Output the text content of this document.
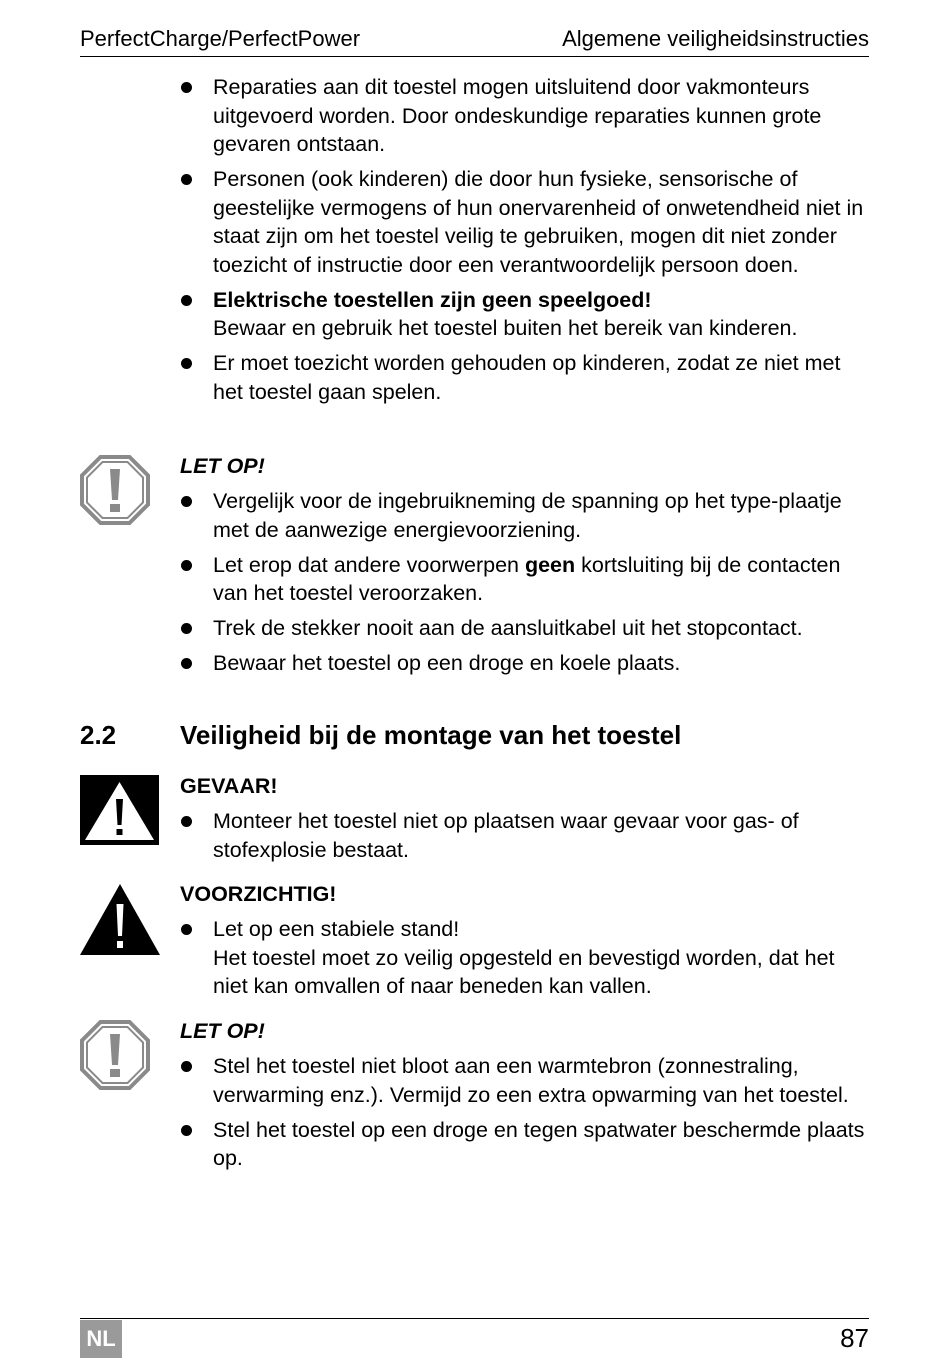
PerfectCharge/PerfectPower	Algemene veiligheidsinstructies

Reparaties aan dit toestel mogen uitsluitend door vakmonteurs uitgevoerd worden. Door ondeskundige reparaties kunnen grote gevaren ontstaan.

Personen (ook kinderen) die door hun fysieke, sensorische of geestelijke vermogens of hun onervarenheid of onwetendheid niet in staat zijn om het toestel veilig te gebruiken, mogen dit niet zonder toezicht of instructie door een verantwoordelijk persoon doen.

Elektrische toestellen zijn geen speelgoed!

Bewaar en gebruik het toestel buiten het bereik van kinderen.

Er moet toezicht worden gehouden op kinderen, zodat ze niet met het toestel gaan spelen.

LET OP!

Vergelijk voor de ingebruikneming de spanning op het type-plaatje met de aanwezige energievoorziening.

Let erop dat andere voorwerpen geen kortsluiting bij de contacten van het toestel veroorzaken.

Trek de stekker nooit aan de aansluitkabel uit het stopcontact.

Bewaar het toestel op een droge en koele plaats.

2.2 Veiligheid bij de montage van het toestel
GEVAAR!

Monteer het toestel niet op plaatsen waar gevaar voor gas- of stofexplosie bestaat.

VOORZICHTIG!

Let op een stabiele stand!

Het toestel moet zo veilig opgesteld en bevestigd worden, dat het niet kan omvallen of naar beneden kan vallen.

LET OP!

Stel het toestel niet bloot aan een warmtebron (zonnestraling, verwarming enz.). Vermijd zo een extra opwarming van het toestel.

Stel het toestel op een droge en tegen spatwater beschermde plaats op.

NL	87
